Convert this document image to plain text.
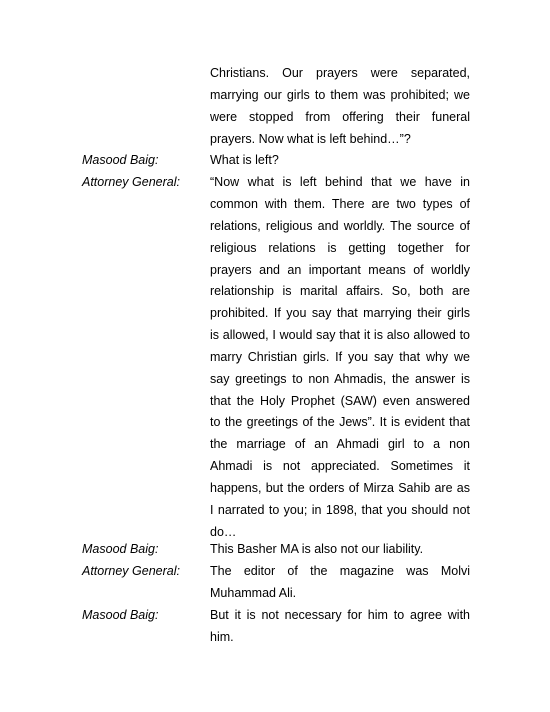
Christians. Our prayers were separated,
marrying our girls to them was prohibited; we
were stopped from offering their funeral
prayers. Now what is left behind…”?
Masood Baig:	What is left?
Attorney General:	“Now what is left behind that we have in
common with them. There are two types of
relations, religious and worldly. The source of
religious relations is getting together for
prayers and an important means of worldly
relationship is marital affairs. So, both are
prohibited. If you say that marrying their girls
is allowed, I would say that it is also allowed to
marry Christian girls. If you say that why we
say greetings to non Ahmadis, the answer is
that the Holy Prophet (SAW) even answered
to the greetings of the Jews”. It is evident that
the marriage of an Ahmadi girl to a non
Ahmadi is not appreciated. Sometimes it
happens, but the orders of Mirza Sahib are as
I narrated to you; in 1898, that you should not
do…
Masood Baig:	This Basher MA is also not our liability.
Attorney General:	The editor of the magazine was Molvi
Muhammad Ali.
Masood Baig:	But it is not necessary for him to agree with
him.
